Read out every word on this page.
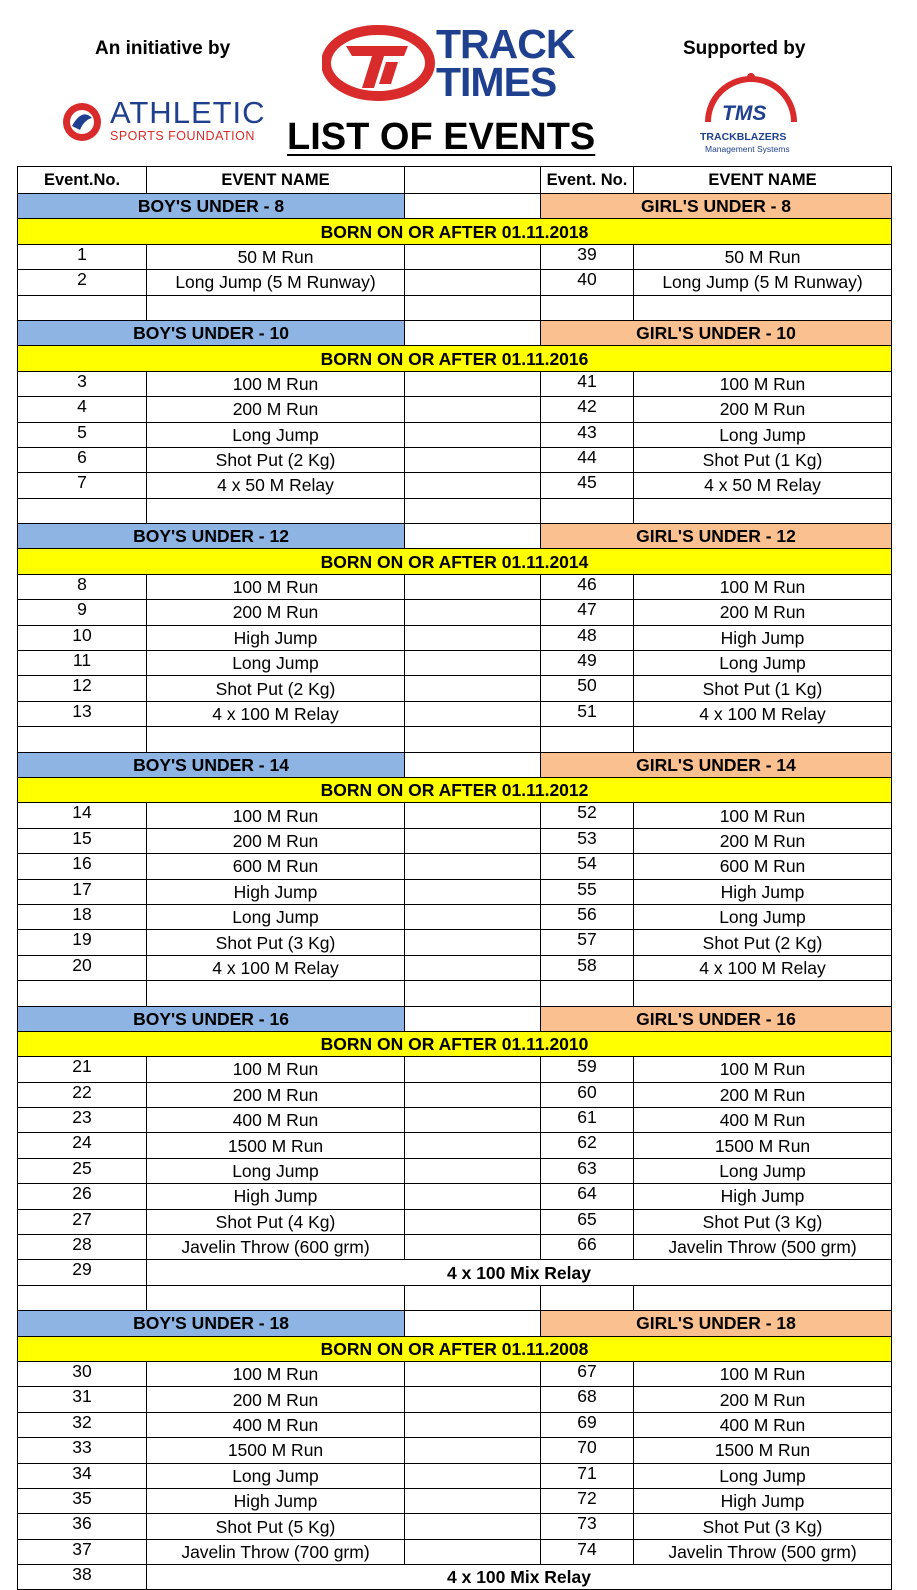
An initiative by	Supported by
TRACK
TIMES
ATHLETIC
SPORTS FOUNDATION LIST OF EVENTS
TMS
TRACKBLAZERS
Management Systems
Event.No.	EVENT NAME		Event. No.	EVENT NAME
BOY'S UNDER - 8			GIRL'S UNDER - 8	
BORN ON OR AFTER 01.11.2018				
1	50 M Run		39	50 M Run
2	Long Jump (5 M Runway)		40	Long Jump (5 M Runway)

BOY'S UNDER - 10			GIRL'S UNDER - 10	
BORN ON OR AFTER 01.11.2016				
3	100 M Run		41	100 M Run
4	200 M Run		42	200 M Run
5	Long Jump		43	Long Jump
6	Shot Put (2 Kg)		44	Shot Put (1 Kg)
7	4 x 50 M Relay		45	4 x 50 M Relay

BOY'S UNDER - 12			GIRL'S UNDER - 12	
BORN ON OR AFTER 01.11.2014				
8	100 M Run		46	100 M Run
9	200 M Run		47	200 M Run
10	High Jump		48	High Jump
11	Long Jump		49	Long Jump
12	Shot Put (2 Kg)		50	Shot Put (1 Kg)
13	4 x 100 M Relay		51	4 x 100 M Relay

BOY'S UNDER - 14			GIRL'S UNDER - 14	
BORN ON OR AFTER 01.11.2012				
14	100 M Run		52	100 M Run
15	200 M Run		53	200 M Run
16	600 M Run		54	600 M Run
17	High Jump		55	High Jump
18	Long Jump		56	Long Jump
19	Shot Put (3 Kg)		57	Shot Put (2 Kg)
20	4 x 100 M Relay		58	4 x 100 M Relay

BOY'S UNDER - 16			GIRL'S UNDER - 16	
BORN ON OR AFTER 01.11.2010				
21	100 M Run		59	100 M Run
22	200 M Run		60	200 M Run
23	400 M Run		61	400 M Run
24	1500 M Run		62	1500 M Run
25	Long Jump		63	Long Jump
26	High Jump		64	High Jump
27	Shot Put (4 Kg)		65	Shot Put (3 Kg)
28	Javelin Throw (600 grm)		66	Javelin Throw (500 grm)
29	4 x 100 Mix Relay			

BOY'S UNDER - 18			GIRL'S UNDER - 18	
BORN ON OR AFTER 01.11.2008				
30	100 M Run		67	100 M Run
31	200 M Run		68	200 M Run
32	400 M Run		69	400 M Run
33	1500 M Run		70	1500 M Run
34	Long Jump		71	Long Jump
35	High Jump		72	High Jump
36	Shot Put (5 Kg)		73	Shot Put (3 Kg)
37	Javelin Throw (700 grm)		74	Javelin Throw (500 grm)
38	4 x 100 Mix Relay			
